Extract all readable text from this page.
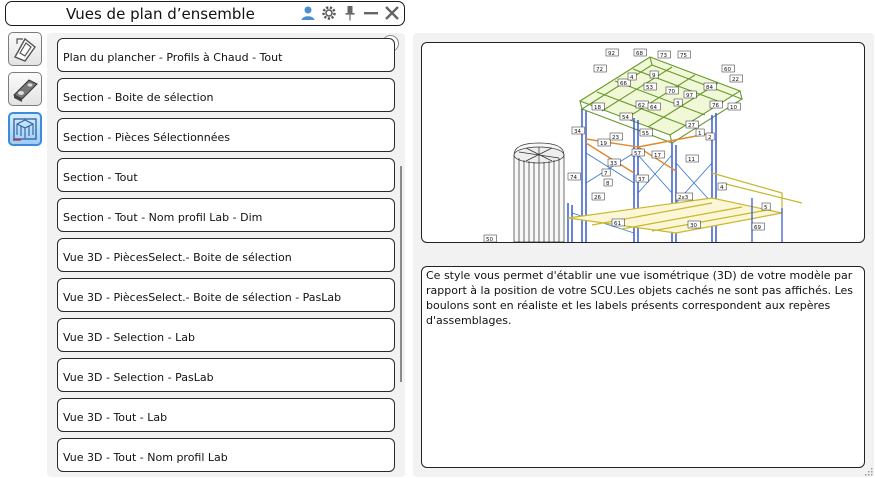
Vues de plan d’ensemble
Plan du plancher - Profils à Chaud - Tout
Section - Boite de sélection
Section - Pièces Sélectionnées
Section - Tout
Section - Tout - Nom profil Lab - Dim
Vue 3D - PiècesSelect.- Boite de sélection
Vue 3D - PiècesSelect.- Boite de sélection - PasLab
Vue 3D - Selection - Lab
Vue 3D - Selection - PasLab
Vue 3D - Tout - Lab
Vue 3D - Tout - Nom profil Lab
92
72
68	73 75
66
53
70
97
84
60
22
76
27
10
1
11
4
5
69
2x3
2
62 64
3
4	9
18
54
55
57
33
37
17
8
19
23
7
34
74
26
61	30
50
Ce style vous permet d'établir une vue isométrique (3D) de votre modèle par rapport à la position de votre SCU.Les objets cachés ne sont pas affichés. Les boulons sont en réaliste et les labels présents correspondent aux repères d'assemblages.
